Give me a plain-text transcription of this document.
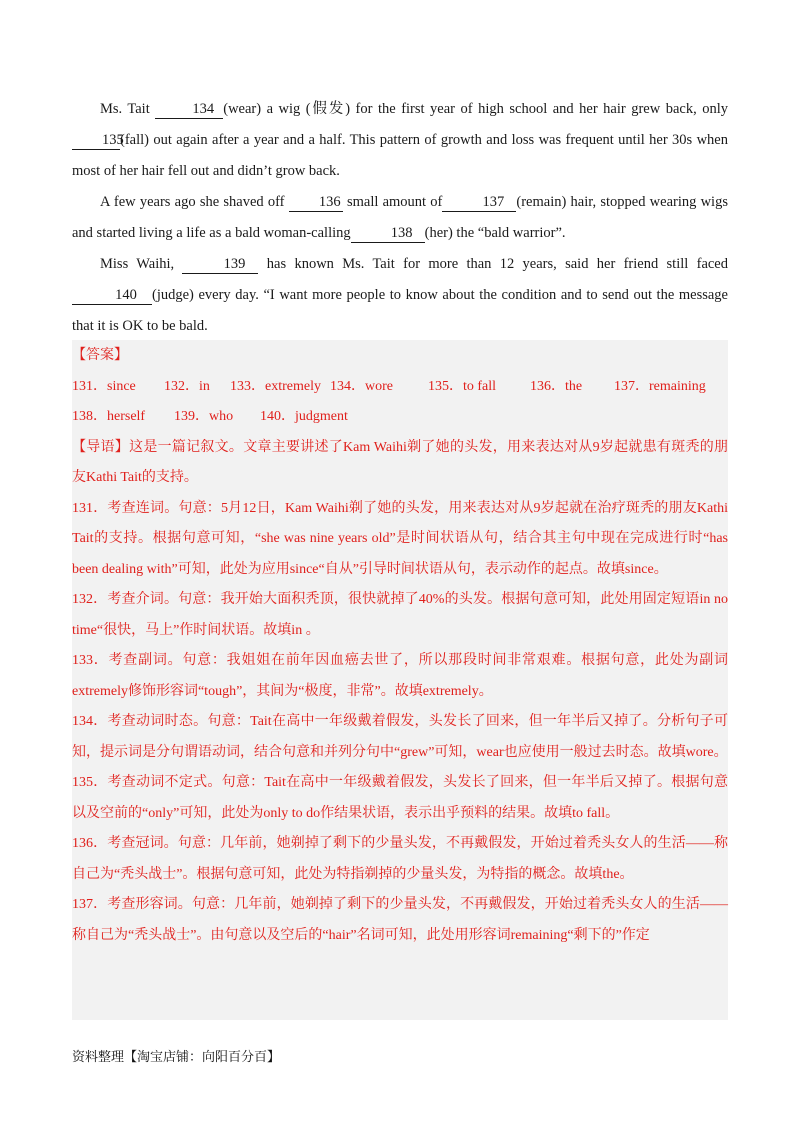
Ms. Tait	134 (wear) a wig (假发) for the first year of high school and her hair grew back, only135(fall) out again after a year and a half. This pattern of growth and loss was frequent until her 30s when most of her hair fell out and didn’t grow back.

A few years ago she shaved off 136 small amount of	137 (remain) hair, stopped wearing wigs and started living a life as a bald woman-calling	138 (her) the “bald warrior”.

Miss Waihi,	139 has known Ms. Tait for more than 12 years, said her friend still faced140 (judge) every day. “I want more people to know about the condition and to send out the message that it is OK to be bald.

【答案】

131．since 132．in 133．extremely 134．wore	135．to fall 136．the 137．remaining
138．herself 139．who 140．judgment

【导语】这是一篇记叙文。文章主要讲述了Kam Waihi剃了她的头发，用来表达对从9岁起就患有斑秃的朋友Kathi Tait的支持。

131．考查连词。句意：5月12日，Kam Waihi剃了她的头发，用来表达对从9岁起就在治疗斑秃的朋友Kathi Tait的支持。根据句意可知，“she was nine years old”是时间状语从句，结合其主句中现在完成进行时“has been dealing with”可知，此处为应用since“自从”引导时间状语从句，表示动作的起点。故填since。

132．考查介词。句意：我开始大面积秃顶，很快就掉了40%的头发。根据句意可知，此处用固定短语in no time“很快，马上”作时间状语。故填in 。

133．考查副词。句意：我姐姐在前年因血癌去世了，所以那段时间非常艰难。根据句意，此处为副词extremely修饰形容词“tough”，其间为“极度，非常”。故填extremely。

134．考查动词时态。句意：Tait在高中一年级戴着假发，头发长了回来，但一年半后又掉了。分析句子可知，提示词是分句谓语动词，结合句意和并列分句中“grew”可知，wear也应使用一般过去时态。故填wore。

135．考查动词不定式。句意：Tait在高中一年级戴着假发，头发长了回来，但一年半后又掉了。根据句意以及空前的“only”可知，此处为only to do作结果状语，表示出乎预料的结果。故填to fall。

136．考查冠词。句意：几年前，她剃掉了剩下的少量头发，不再戴假发，开始过着秃头女人的生活——称自己为“秃头战士”。根据句意可知，此处为特指剃掉的少量头发，为特指的概念。故填the。

137．考查形容词。句意：几年前，她剃掉了剩下的少量头发，不再戴假发，开始过着秃头女人的生活——称自己为“秃头战士”。由句意以及空后的“hair”名词可知，此处用形容词remaining“剩下的”作定

资料整理【淘宝店铺：向阳百分百】
